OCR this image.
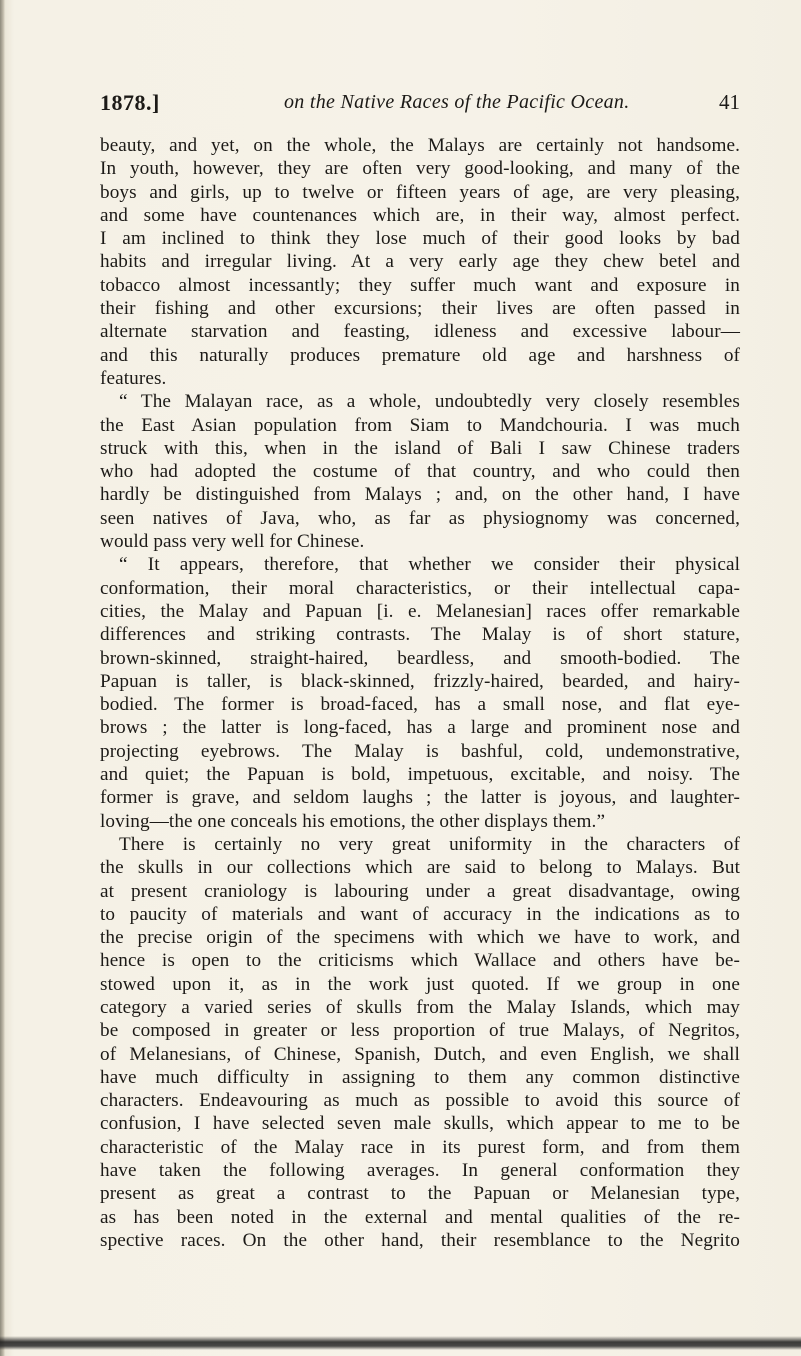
1878.]	on the Native Races of the Pacific Ocean.	41
beauty, and yet, on the whole, the Malays are certainly not handsome.
In youth, however, they are often very good-looking, and many of the
boys and girls, up to twelve or fifteen years of age, are very pleasing,
and some have countenances which are, in their way, almost perfect.
I am inclined to think they lose much of their good looks by bad
habits and irregular living. At a very early age they chew betel and
tobacco almost incessantly; they suffer much want and exposure in
their fishing and other excursions; their lives are often passed in
alternate starvation and feasting, idleness and excessive labour—
and this naturally produces premature old age and harshness of
features.
“ The Malayan race, as a whole, undoubtedly very closely resembles
the East Asian population from Siam to Mandchouria. I was much
struck with this, when in the island of Bali I saw Chinese traders
who had adopted the costume of that country, and who could then
hardly be distinguished from Malays ; and, on the other hand, I have
seen natives of Java, who, as far as physiognomy was concerned,
would pass very well for Chinese.
“ It appears, therefore, that whether we consider their physical
conformation, their moral characteristics, or their intellectual capa-
cities, the Malay and Papuan [i. e. Melanesian] races offer remarkable
differences and striking contrasts. The Malay is of short stature,
brown-skinned, straight-haired, beardless, and smooth-bodied. The
Papuan is taller, is black-skinned, frizzly-haired, bearded, and hairy-
bodied. The former is broad-faced, has a small nose, and flat eye-
brows ; the latter is long-faced, has a large and prominent nose and
projecting eyebrows. The Malay is bashful, cold, undemonstrative,
and quiet; the Papuan is bold, impetuous, excitable, and noisy. The
former is grave, and seldom laughs ; the latter is joyous, and laughter-
loving—the one conceals his emotions, the other displays them.”
There is certainly no very great uniformity in the characters of
the skulls in our collections which are said to belong to Malays. But
at present craniology is labouring under a great disadvantage, owing
to paucity of materials and want of accuracy in the indications as to
the precise origin of the specimens with which we have to work, and
hence is open to the criticisms which Wallace and others have be-
stowed upon it, as in the work just quoted. If we group in one
category a varied series of skulls from the Malay Islands, which may
be composed in greater or less proportion of true Malays, of Negritos,
of Melanesians, of Chinese, Spanish, Dutch, and even English, we shall
have much difficulty in assigning to them any common distinctive
characters. Endeavouring as much as possible to avoid this source of
confusion, I have selected seven male skulls, which appear to me to be
characteristic of the Malay race in its purest form, and from them
have taken the following averages. In general conformation they
present as great a contrast to the Papuan or Melanesian type,
as has been noted in the external and mental qualities of the re-
spective races. On the other hand, their resemblance to the Negrito
